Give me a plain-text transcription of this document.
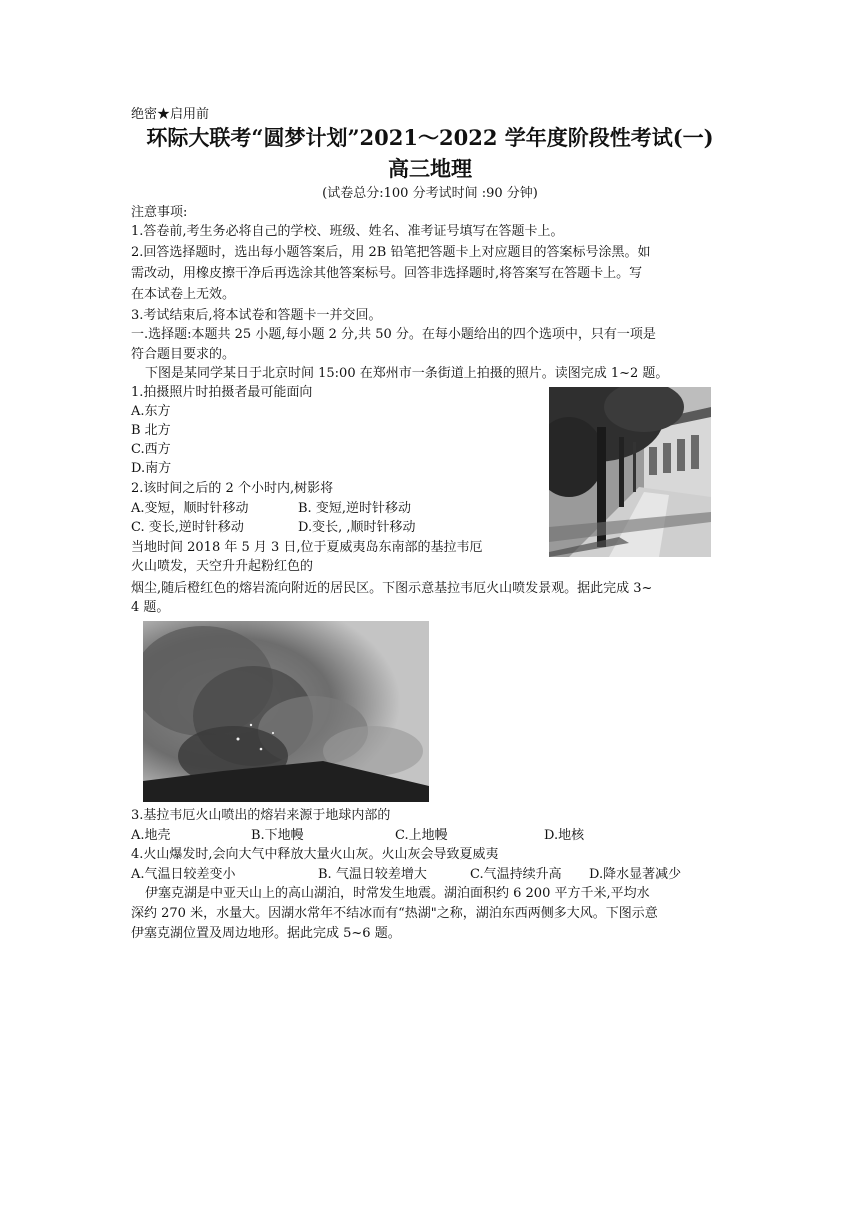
绝密★启用前
环际大联考“圆梦计划”2021～2022 学年度阶段性考试(一)
高三地理
(试卷总分:100 分考试时间 :90 分钟)
注意事项:
1.答卷前,考生务必将自己的学校、班级、姓名、准考证号填写在答题卡上。
2.回答选择题时，选出每小题答案后，用 2B 铅笔把答题卡上对应题目的答案标号涂黑。如
需改动，用橡皮擦干净后再选涂其他答案标号。回答非选择题时,将答案写在答题卡上。写
在本试卷上无效。
3.考试结束后,将本试卷和答题卡一并交回。
一.选择题:本题共 25 小题,每小题 2 分,共 50 分。在每小题给出的四个选项中，只有一项是
符合题目要求的。
下图是某同学某日于北京时间 15:00 在郑州市一条街道上拍摄的照片。读图完成 1~2 题。
1.拍摄照片时拍摄者最可能面向
A.东方
B 北方
C.西方
D.南方
2.该时间之后的 2 个小时内,树影将
A.变短，顺时针移动	B. 变短,逆时针移动
C. 变长,逆时针移动	D.变长, ,顺时针移动
当地时间 2018 年 5 月 3 日,位于夏威夷岛东南部的基拉韦厄
火山喷发，天空升升起粉红色的
烟尘,随后橙红色的熔岩流向附近的居民区。下图示意基拉韦厄火山喷发景观。据此完成 3~
4 题。
3.基拉韦厄火山喷出的熔岩来源于地球内部的
A.地壳	B.下地幔	C.上地幔	D.地核
4.火山爆发时,会向大气中释放大量火山灰。火山灰会导致夏威夷
A.气温日较差变小	B. 气温日较差增大	C.气温持续升高 D.降水显著减少
伊塞克湖是中亚天山上的高山湖泊，时常发生地震。湖泊面积约 6 200 平方千米,平均水
深约 270 米，水量大。因湖水常年不结冰而有“热湖"之称，湖泊东西两侧多大风。下图示意
伊塞克湖位置及周边地形。据此完成 5~6 题。
